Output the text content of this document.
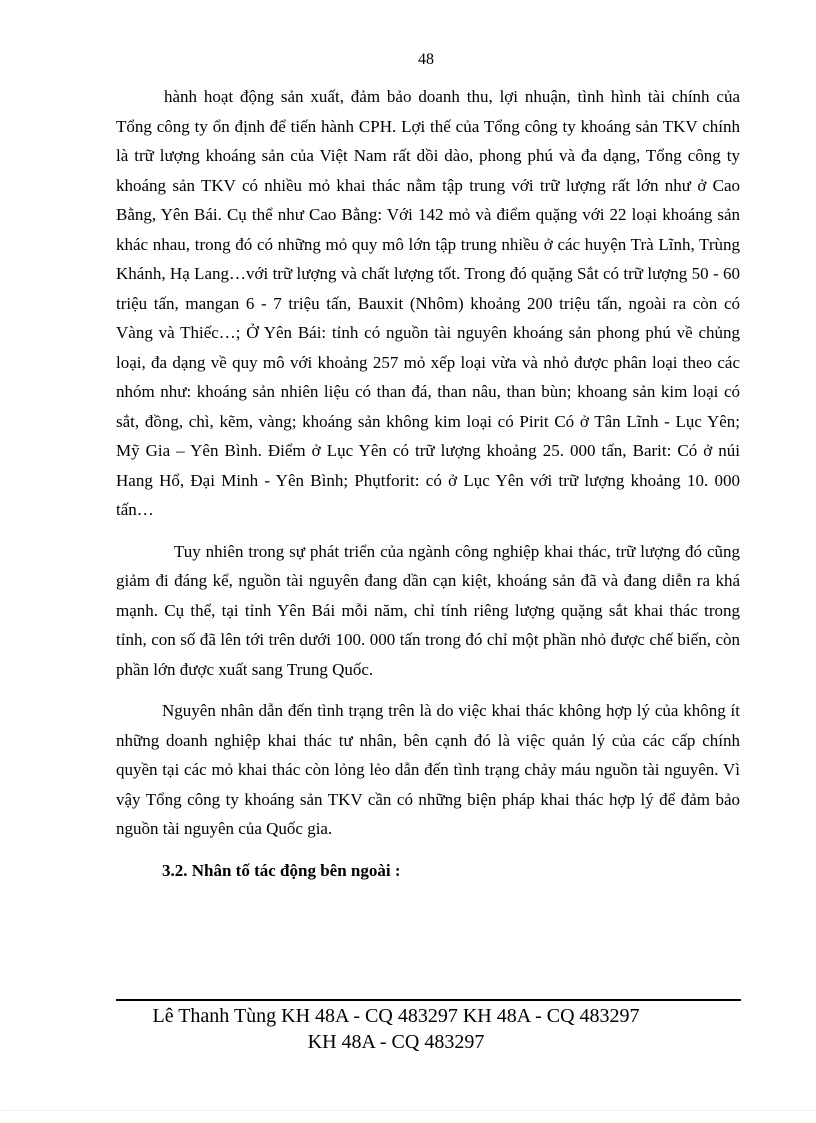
48

hành hoạt động sản xuất, đảm bảo doanh thu, lợi nhuận, tình hình tài chính của Tổng công ty ổn định để tiến hành CPH. Lợi thế của Tổng công ty khoáng sản TKV chính là trữ lượng khoáng sản của Việt Nam rất dồi dào, phong phú và đa dạng, Tổng công ty khoáng sản TKV có nhiều mỏ khai thác nằm tập trung với trữ lượng rất lớn như ở Cao Bằng, Yên Bái. Cụ thể như Cao Bằng: Với 142 mỏ và điểm quặng với 22 loại khoáng sản khác nhau, trong đó có những mỏ quy mô lớn tập trung nhiều ở các huyện Trà Lĩnh, Trùng Khánh, Hạ Lang…với trữ lượng và chất lượng tốt. Trong đó quặng Sắt có trữ lượng 50 - 60 triệu tấn, mangan 6 - 7 triệu tấn, Bauxit (Nhôm) khoảng 200 triệu tấn, ngoài ra còn có Vàng và Thiếc…; Ở Yên Bái: tỉnh có nguồn tài nguyên khoáng sản phong phú về chủng loại, đa dạng về quy mô với khoảng 257 mỏ xếp loại vừa và nhỏ được phân loại theo các nhóm như: khoáng sản nhiên liệu có than đá, than nâu, than bùn; khoang sản kim loại có sắt, đồng, chì, kẽm, vàng; khoáng sản không kim loại có Pirit Có ở Tân Lĩnh - Lục Yên; Mỹ Gia – Yên Bình. Điểm ở Lục Yên có trữ lượng khoảng 25. 000 tấn, Barit: Có ở núi Hang Hổ, Đại Minh - Yên Bình; Phụtforit: có ở Lục Yên với trữ lượng khoảng 10. 000 tấn…

Tuy nhiên trong sự phát triển của ngành công nghiệp khai thác, trữ lượng đó cũng giảm đi đáng kể, nguồn tài nguyên đang dần cạn kiệt, khoáng sản đã và đang diễn ra khá mạnh. Cụ thể, tại tỉnh Yên Bái mỗi năm, chỉ tính riêng lượng quặng sắt khai thác trong tỉnh, con số đã lên tới trên dưới 100. 000 tấn trong đó chỉ một phần nhỏ được chế biến, còn phần lớn được xuất sang Trung Quốc.

Nguyên nhân dẫn đến tình trạng trên là do việc khai thác không hợp lý của không ít những doanh nghiệp khai thác tư nhân, bên cạnh đó là việc quản lý của các cấp chính quyền tại các mỏ khai thác còn lỏng lẻo dẫn đến tình trạng chảy máu nguồn tài nguyên. Vì vậy Tổng công ty khoáng sản TKV cần có những biện pháp khai thác hợp lý để đảm bảo nguồn tài nguyên của Quốc gia.

3.2. Nhân tố tác động bên ngoài :

Lê Thanh Tùng KH 48A - CQ 483297 KH 48A - CQ 483297
KH 48A - CQ 483297
